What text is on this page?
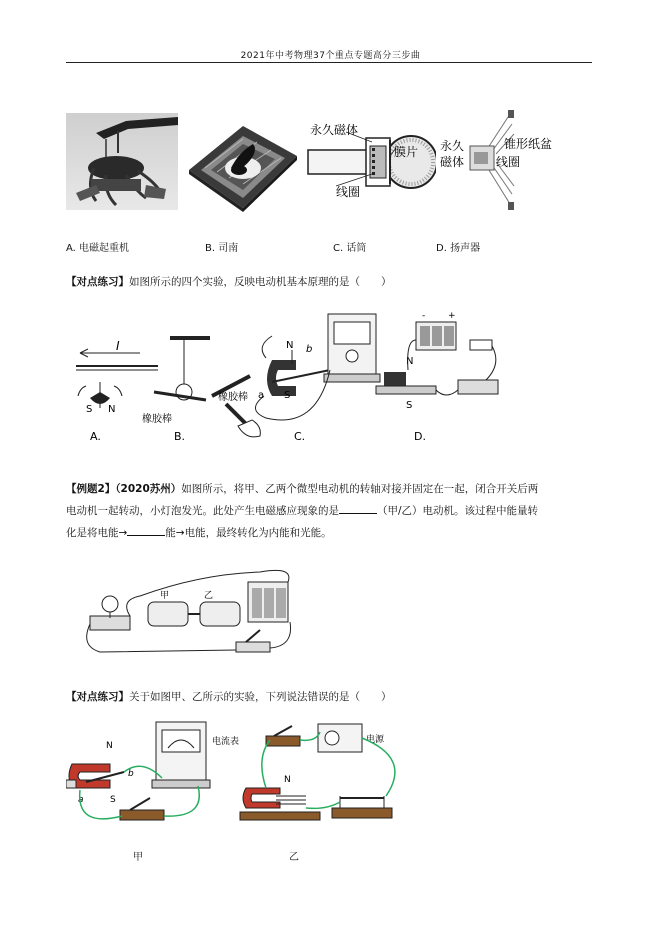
2021年中考物理37个重点专题高分三步曲
永久磁体
膜片
线圈
永久
磁体
锥形纸盆
线圈
A. 电磁起重机	B. 司南	C. 话筒	D. 扬声器
【对点练习】如图所示的四个实验，反映电动机基本原理的是（　　）
I
S N
A.
橡胶棒
橡胶棒
B.
N b
a S
C.
-	+
N
S
D.
【例题2】（2020苏州）如图所示，将甲、乙两个微型电动机的转轴对接并固定在一起，闭合开关后两
电动机一起转动，小灯泡发光。此处产生电磁感应现象的是	（甲/乙）电动机。该过程中能量转
化是将电能→	能→电能，最终转化为内能和光能。
甲	乙
【对点练习】关于如图甲、乙所示的实验，下列说法错误的是（　　）
N
S
a
b
电流表
甲
电源
N
乙
